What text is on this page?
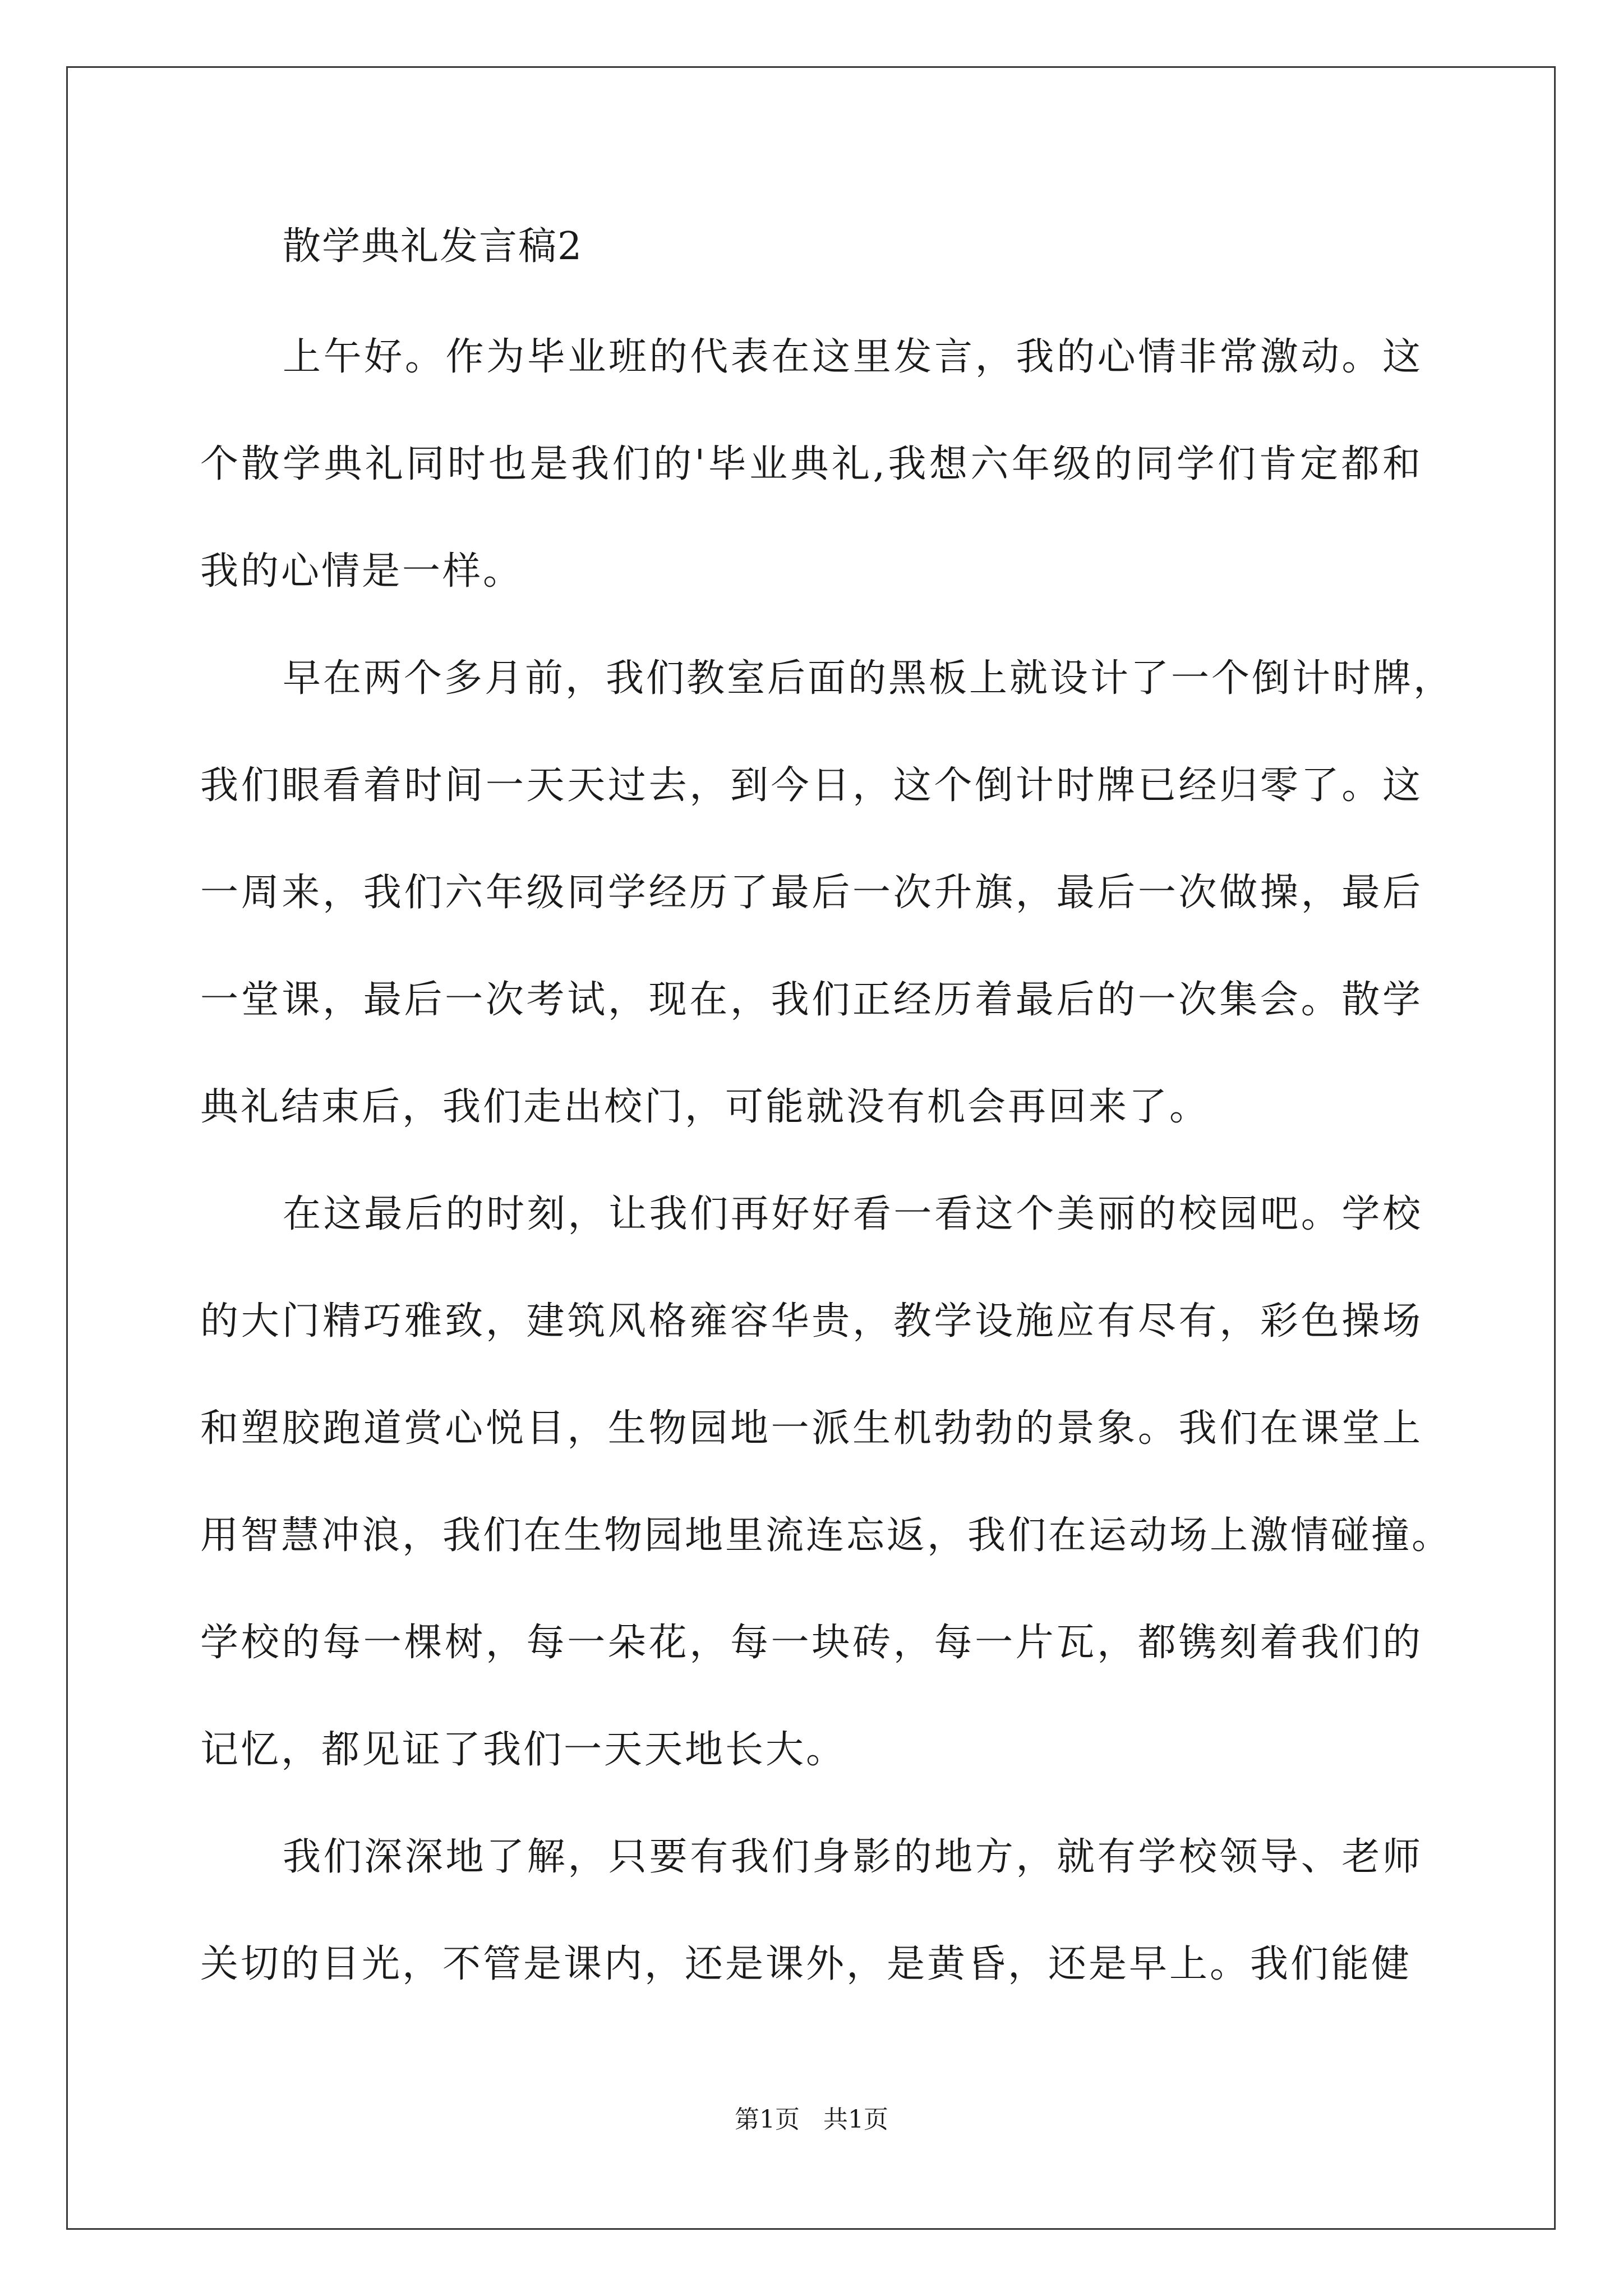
散学典礼发言稿2
上午好。作为毕业班的代表在这里发言，我的心情非常激动。这
个散学典礼同时也是我们的'毕业典礼,我想六年级的同学们肯定都和
我的心情是一样。
早在两个多月前，我们教室后面的黑板上就设计了一个倒计时牌，
我们眼看着时间一天天过去，到今日，这个倒计时牌已经归零了。这
一周来，我们六年级同学经历了最后一次升旗，最后一次做操，最后
一堂课，最后一次考试，现在，我们正经历着最后的一次集会。散学
典礼结束后，我们走出校门，可能就没有机会再回来了。
在这最后的时刻，让我们再好好看一看这个美丽的校园吧。学校
的大门精巧雅致，建筑风格雍容华贵，教学设施应有尽有，彩色操场
和塑胶跑道赏心悦目，生物园地一派生机勃勃的景象。我们在课堂上
用智慧冲浪，我们在生物园地里流连忘返，我们在运动场上激情碰撞。
学校的每一棵树，每一朵花，每一块砖，每一片瓦，都镌刻着我们的
记忆，都见证了我们一天天地长大。
我们深深地了解，只要有我们身影的地方，就有学校领导、老师
关切的目光，不管是课内，还是课外，是黄昏，还是早上。我们能健
第1页 共1页
